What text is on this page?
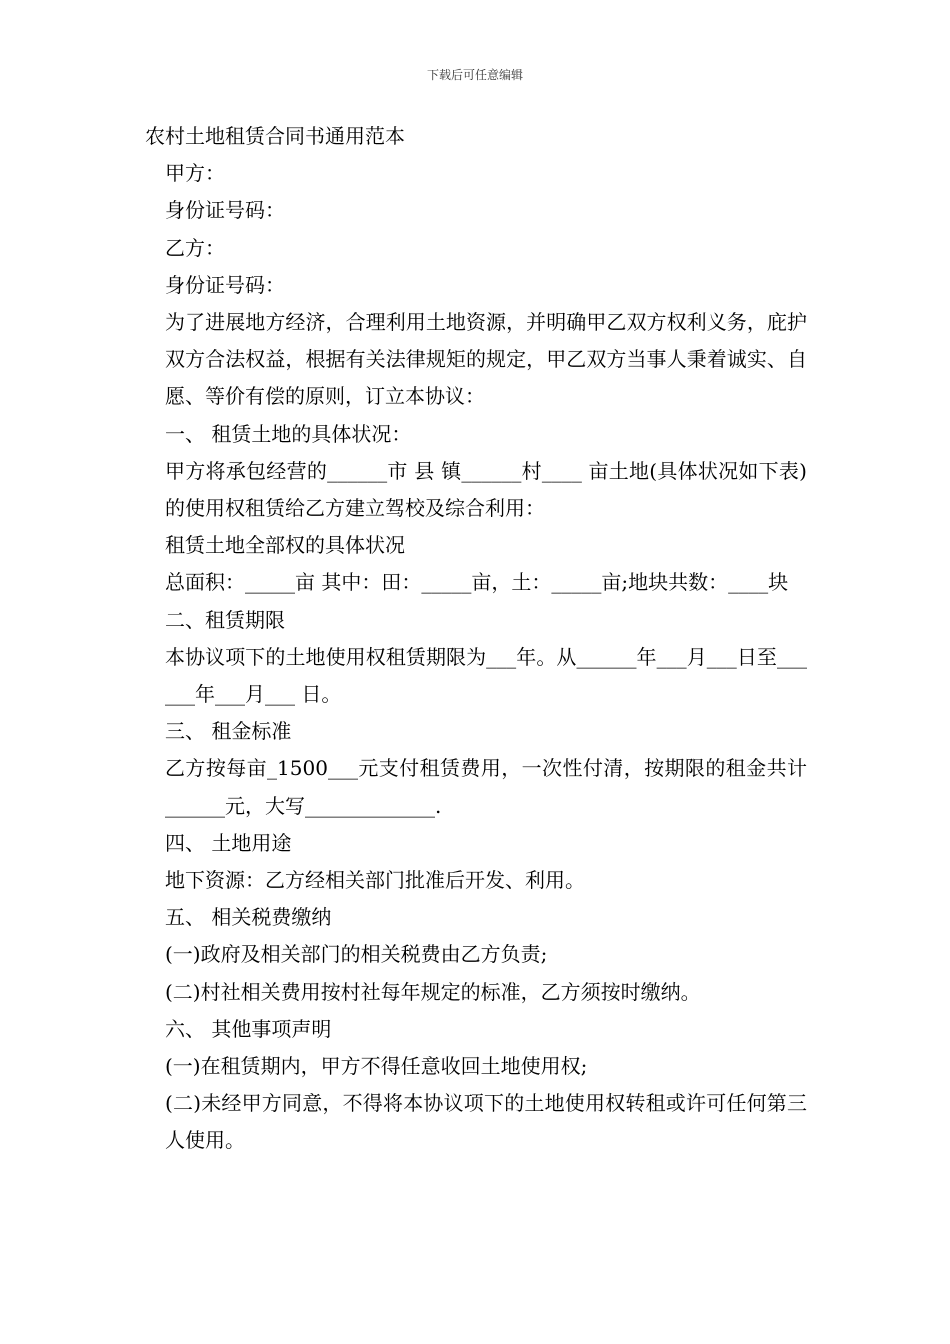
下载后可任意编辑

农村土地租赁合同书通用范本

甲方：

身份证号码：

乙方：

身份证号码：

为了进展地方经济，合理利用土地资源，并明确甲乙双方权利义务，庇护双方合法权益，根据有关法律规矩的规定，甲乙双方当事人秉着诚实、自愿、等价有偿的原则，订立本协议：

一、 租赁土地的具体状况：

甲方将承包经营的______市 县 镇______村____ 亩土地(具体状况如下表)的使用权租赁给乙方建立驾校及综合利用：

租赁土地全部权的具体状况

总面积：_____亩 其中：田：_____亩，土：_____亩;地块共数：____块

二、租赁期限

本协议项下的土地使用权租赁期限为___年。从______年___月___日至______年___月___ 日。

三、 租金标准

乙方按每亩_1500___元支付租赁费用，一次性付清，按期限的租金共计______元，大写_____________.

四、 土地用途

地下资源：乙方经相关部门批准后开发、利用。

五、 相关税费缴纳

(一)政府及相关部门的相关税费由乙方负责;

(二)村社相关费用按村社每年规定的标准，乙方须按时缴纳。

六、 其他事项声明

(一)在租赁期内，甲方不得任意收回土地使用权;

(二)未经甲方同意，不得将本协议项下的土地使用权转租或许可任何第三人使用。
